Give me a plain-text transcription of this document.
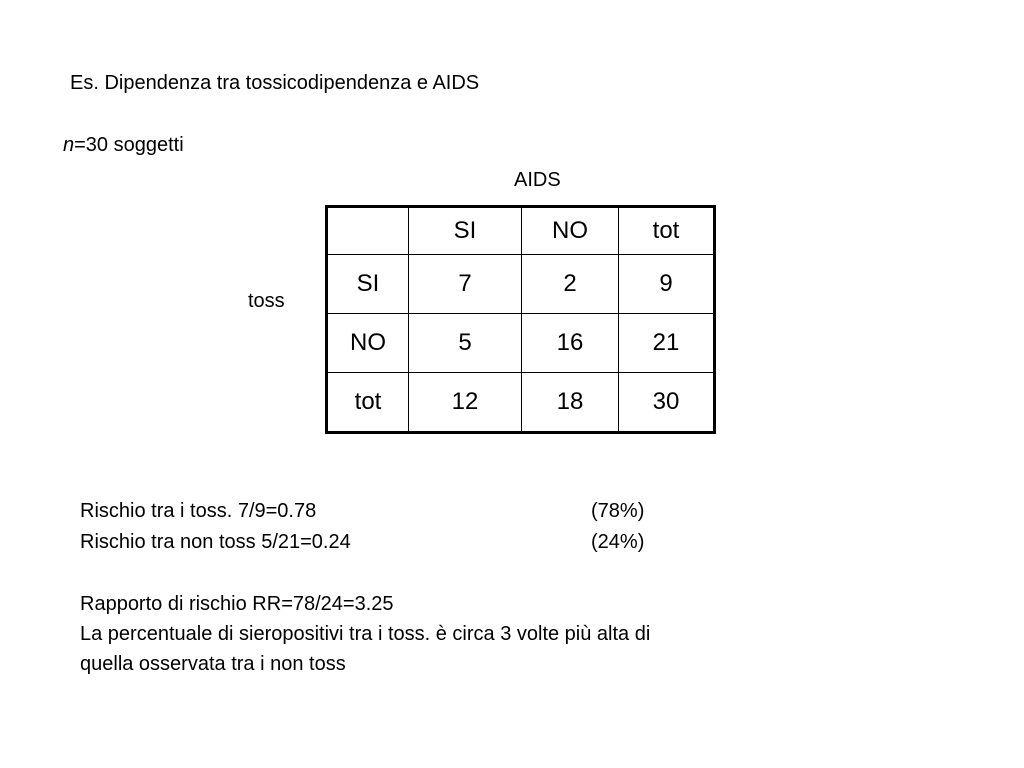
Es. Dipendenza tra tossicodipendenza e AIDS
n=30 soggetti
AIDS
toss
	SI	NO	tot
SI	7	2	9
NO	5	16	21
tot	12	18	30
Rischio tra i toss. 7/9=0.78	(78%)
Rischio tra non toss 5/21=0.24	(24%)
Rapporto di rischio RR=78/24=3.25
La percentuale di sieropositivi tra i toss. è circa 3 volte più alta di
quella osservata tra i non toss
